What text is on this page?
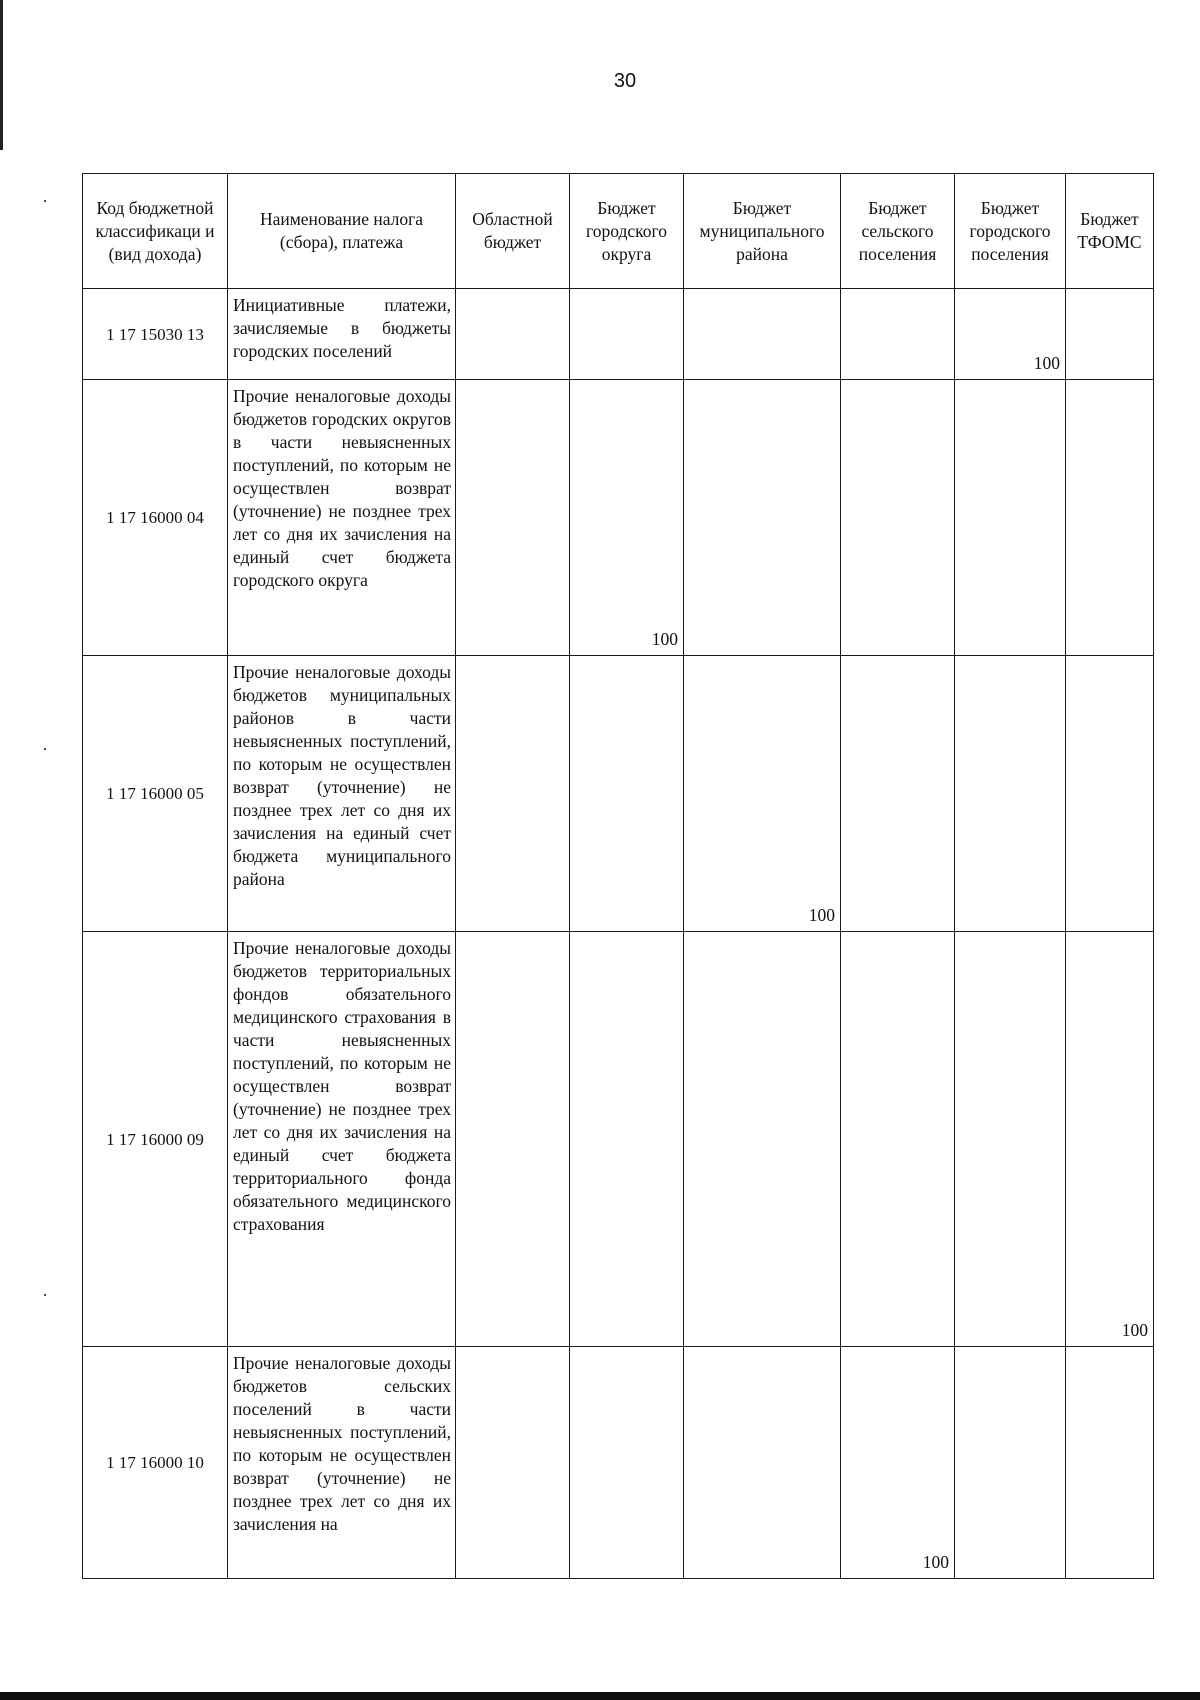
30
Код бюджетной классификаци и (вид дохода)	Наименование налога (сбора), платежа	Областной бюджет	Бюджет городского округа	Бюджет муниципального района	Бюджет сельского поселения	Бюджет городского поселения	Бюджет ТФОМС
1 17 15030 13	Инициативные платежи, зачисляемые в бюджеты городских поселений					100	
1 17 16000 04	Прочие неналоговые доходы бюджетов городских округов в части невыясненных поступлений, по которым не осуществлен возврат (уточнение) не позднее трех лет со дня их зачисления на единый счет бюджета городского округа		100				
1 17 16000 05	Прочие неналоговые доходы бюджетов муниципальных районов в части невыясненных поступлений, по которым не осуществлен возврат (уточнение) не позднее трех лет со дня их зачисления на единый счет бюджета муниципального района			100			
1 17 16000 09	Прочие неналоговые доходы бюджетов территориальных фондов обязательного медицинского страхования в части невыясненных поступлений, по которым не осуществлен возврат (уточнение) не позднее трех лет со дня их зачисления на единый счет бюджета территориального фонда обязательного медицинского страхования						100
1 17 16000 10	Прочие неналоговые доходы бюджетов сельских поселений в части невыясненных поступлений, по которым не осуществлен возврат (уточнение) не позднее трех лет со дня их зачисления на				100		
